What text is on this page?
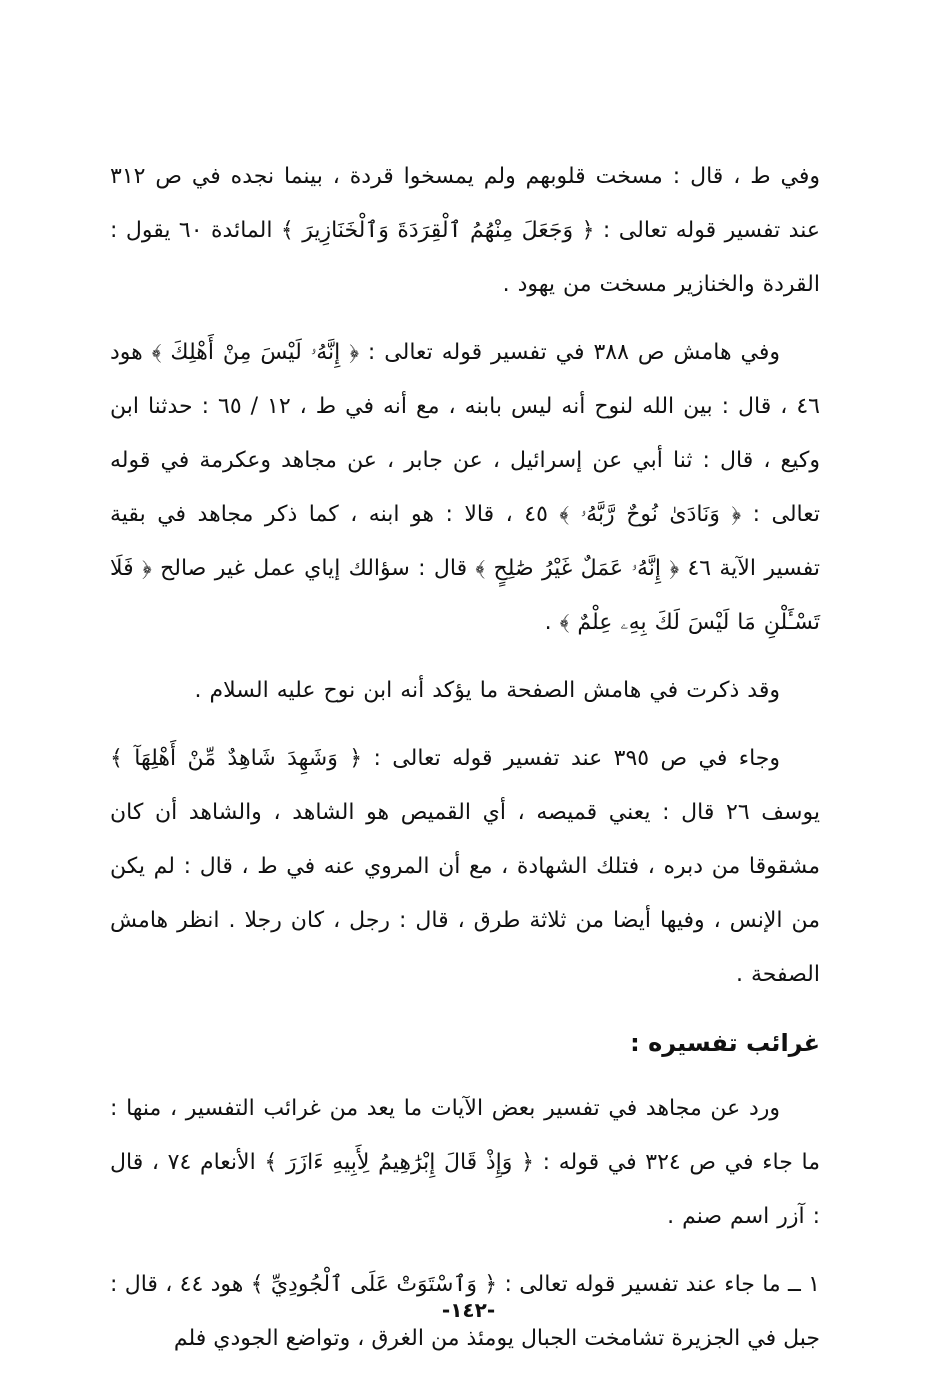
وفي ط ، قال : مسخت قلوبهم ولم يمسخوا قردة ، بينما نجده في ص ٣١٢ عند تفسير قوله تعالى : ﴿ وَجَعَلَ مِنْهُمُ ٱلْقِرَدَةَ وَٱلْخَنَازِيرَ ﴾ المائدة ٦٠ يقول : القردة والخنازير مسخت من يهود .

وفي هامش ص ٣٨٨ في تفسير قوله تعالى : ﴿ إِنَّهُۥ لَيْسَ مِنْ أَهْلِكَ ﴾ هود ٤٦ ، قال : بين الله لنوح أنه ليس بابنه ، مع أنه في ط ، ١٢ / ٦٥ : حدثنا ابن وكيع ، قال : ثنا أبي عن إسرائيل ، عن جابر ، عن مجاهد وعكرمة في قوله تعالى : ﴿ وَنَادَىٰ نُوحٌ رَّبَّهُۥ ﴾ ٤٥ ، قالا : هو ابنه ، كما ذكر مجاهد في بقية تفسير الآية ٤٦ ﴿ إِنَّهُۥ عَمَلٌ غَيْرُ صَٰلِحٍ ﴾ قال : سؤالك إياي عمل غير صالح ﴿ فَلَا تَسْـَٔلْنِ مَا لَيْسَ لَكَ بِهِۦ عِلْمٌ ﴾ .

وقد ذكرت في هامش الصفحة ما يؤكد أنه ابن نوح عليه السلام .

وجاء في ص ٣٩٥ عند تفسير قوله تعالى : ﴿ وَشَهِدَ شَاهِدٌ مِّنْ أَهْلِهَآ ﴾ يوسف ٢٦ قال : يعني قميصه ، أي القميص هو الشاهد ، والشاهد أن كان مشقوقا من دبره ، فتلك الشهادة ، مع أن المروي عنه في ط ، قال : لم يكن من الإنس ، وفيها أيضا من ثلاثة طرق ، قال : رجل ، كان رجلا . انظر هامش الصفحة .

غرائب تفسيره :

ورد عن مجاهد في تفسير بعض الآيات ما يعد من غرائب التفسير ، منها : ما جاء في ص ٣٢٤ في قوله : ﴿ وَإِذْ قَالَ إِبْرَٰهِيمُ لِأَبِيهِ ءَازَرَ ﴾ الأنعام ٧٤ ، قال : آزر اسم صنم .

١ ــ ما جاء عند تفسير قوله تعالى : ﴿ وَٱسْتَوَتْ عَلَى ٱلْجُودِيِّ ﴾ هود ٤٤ ، قال : جبل في الجزيرة تشامخت الجبال يومئذ من الغرق ، وتواضع الجودي فلم

-١٤٢-
